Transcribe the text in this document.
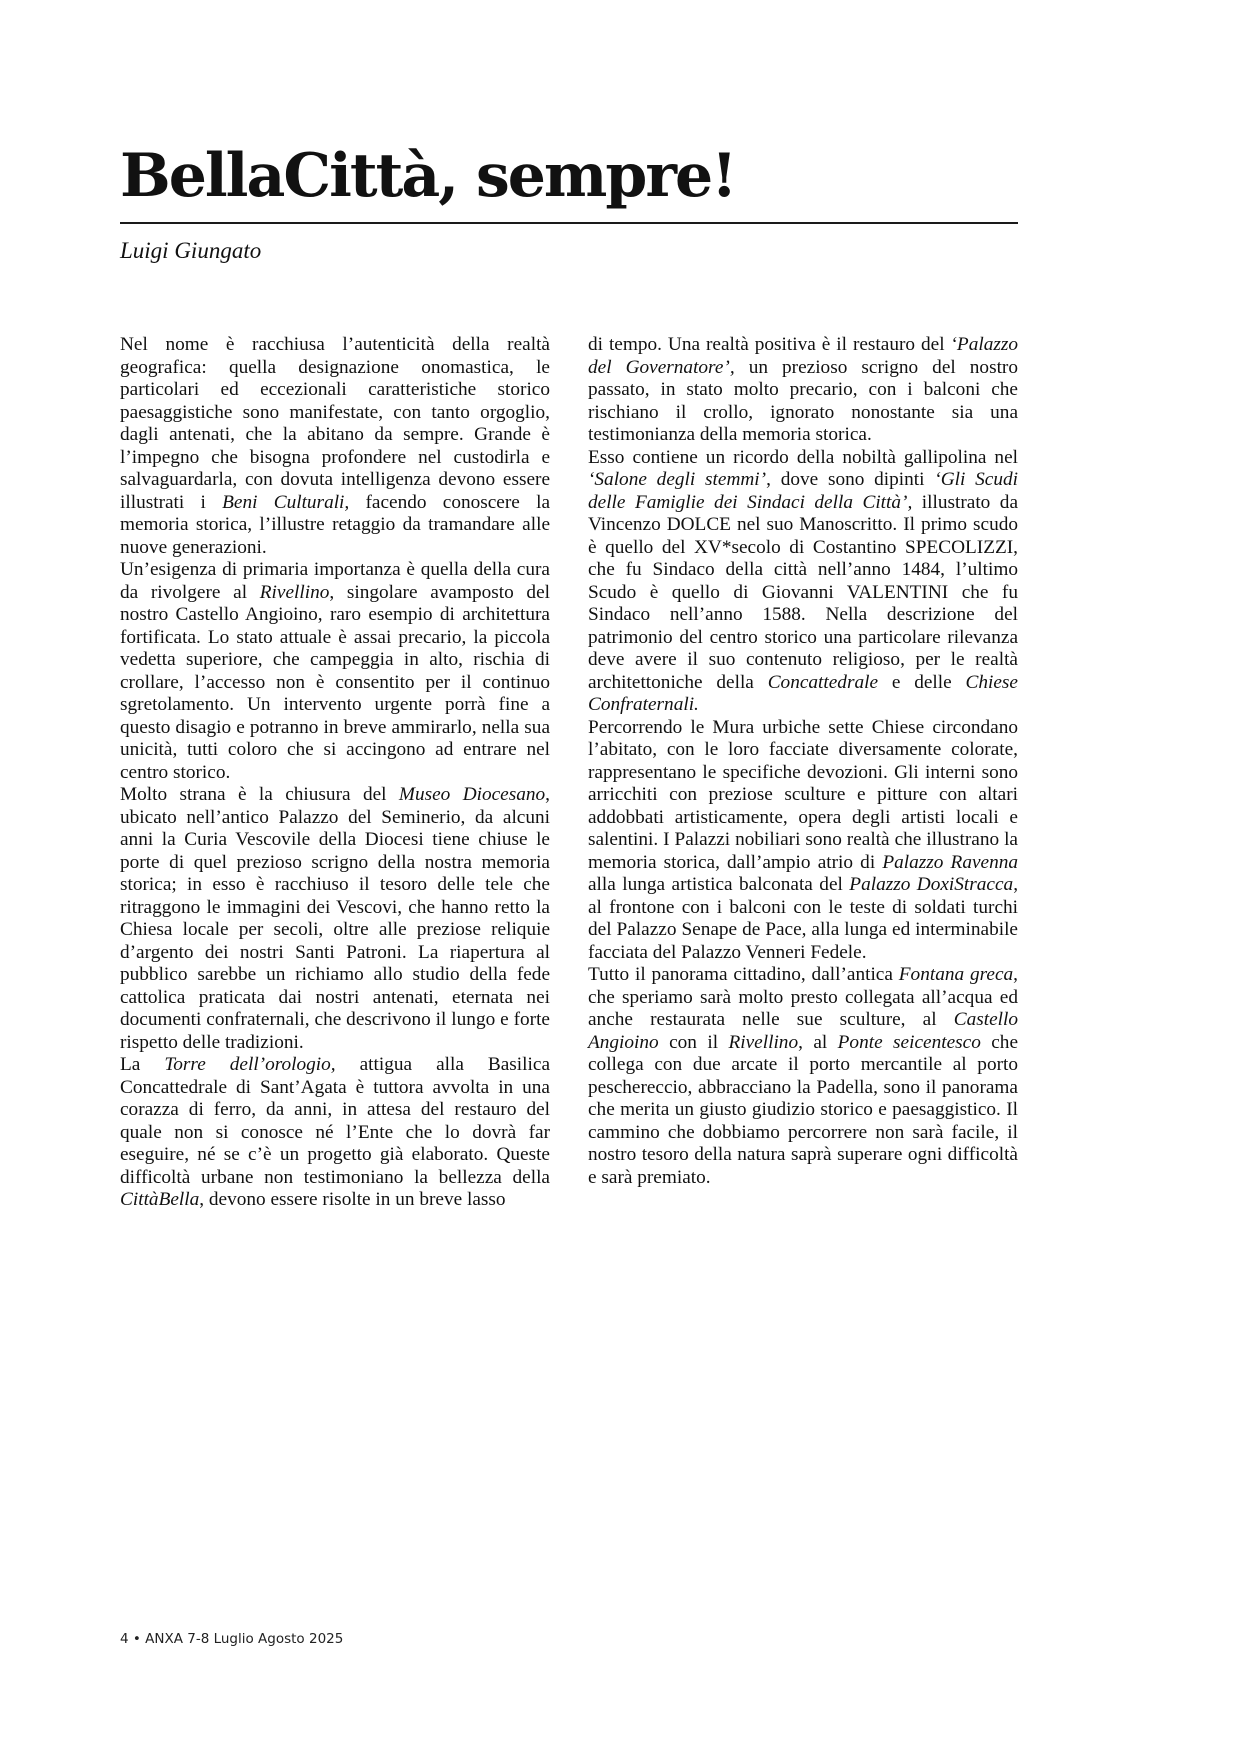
BellaCittà, sempre!
Luigi Giungato

Nel nome è racchiusa l’autenticità della realtà geografica: quella designazione onomastica, le particolari ed eccezionali caratteristiche storico paesaggistiche sono manifestate, con tanto orgoglio, dagli antenati, che la abitano da sempre. Grande è l’impegno che bisogna profondere nel custodirla e salvaguardarla, con dovuta intelligenza devono essere illustrati i Beni Culturali, facendo conoscere la memoria storica, l’illustre retaggio da tramandare alle nuove generazioni.

Un’esigenza di primaria importanza è quella della cura da rivolgere al Rivellino, singolare avamposto del nostro Castello Angioino, raro esempio di architettura fortificata. Lo stato attuale è assai precario, la piccola vedetta superiore, che campeggia in alto, rischia di crollare, l’accesso non è consentito per il continuo sgretolamento. Un intervento urgente porrà fine a questo disagio e potranno in breve ammirarlo, nella sua unicità, tutti coloro che si accingono ad entrare nel centro storico.

Molto strana è la chiusura del Museo Diocesano, ubicato nell’antico Palazzo del Seminerio, da alcuni anni la Curia Vescovile della Diocesi tiene chiuse le porte di quel prezioso scrigno della nostra memoria storica; in esso è racchiuso il tesoro delle tele che ritraggono le immagini dei Vescovi, che hanno retto la Chiesa locale per secoli, oltre alle preziose reliquie d’argento dei nostri Santi Patroni. La riapertura al pubblico sarebbe un richiamo allo studio della fede cattolica praticata dai nostri antenati, eternata nei documenti confraternali, che descrivono il lungo e forte rispetto delle tradizioni.

La Torre dell’orologio, attigua alla Basilica Concattedrale di Sant’Agata è tuttora avvolta in una corazza di ferro, da anni, in attesa del restauro del quale non si conosce né l’Ente che lo dovrà far eseguire, né se c’è un progetto già elaborato. Queste difficoltà urbane non testimoniano la bellezza della CittàBella, devono essere risolte in un breve lasso

di tempo. Una realtà positiva è il restauro del ‘Palazzo del Governatore’, un prezioso scrigno del nostro passato, in stato molto precario, con i balconi che rischiano il crollo, ignorato nonostante sia una testimonianza della memoria storica.

Esso contiene un ricordo della nobiltà gallipolina nel ‘Salone degli stemmi’, dove sono dipinti ‘Gli Scudi delle Famiglie dei Sindaci della Città’, illustrato da Vincenzo DOLCE nel suo Manoscritto. Il primo scudo è quello del XV*secolo di Costantino SPECOLIZZI, che fu Sindaco della città nell’anno 1484, l’ultimo Scudo è quello di Giovanni VALENTINI che fu Sindaco nell’anno 1588. Nella descrizione del patrimonio del centro storico una particolare rilevanza deve avere il suo contenuto religioso, per le realtà architettoniche della Concattedrale e delle Chiese Confraternali.

Percorrendo le Mura urbiche sette Chiese circondano l’abitato, con le loro facciate diversamente colorate, rappresentano le specifiche devozioni. Gli interni sono arricchiti con preziose sculture e pitture con altari addobbati artisticamente, opera degli artisti locali e salentini. I Palazzi nobiliari sono realtà che illustrano la memoria storica, dall’ampio atrio di Palazzo Ravenna alla lunga artistica balconata del Palazzo DoxiStracca, al frontone con i balconi con le teste di soldati turchi del Palazzo Senape de Pace, alla lunga ed interminabile facciata del Palazzo Venneri Fedele.

Tutto il panorama cittadino, dall’antica Fontana greca, che speriamo sarà molto presto collegata all’acqua ed anche restaurata nelle sue sculture, al Castello Angioino con il Rivellino, al Ponte seicentesco che collega con due arcate il porto mercantile al porto peschereccio, abbracciano la Padella, sono il panorama che merita un giusto giudizio storico e paesaggistico. Il cammino che dobbiamo percorrere non sarà facile, il nostro tesoro della natura saprà superare ogni difficoltà e sarà premiato.

4 • ANXA 7-8 Luglio Agosto 2025
